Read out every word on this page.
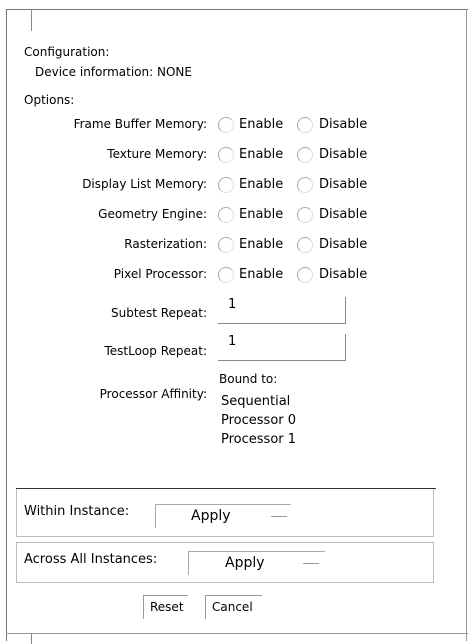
Configuration:
Device information: NONE
Options:
Frame Buffer Memory: Enable	Disable
Texture Memory: Enable	Disable
Display List Memory: Enable	Disable
Geometry Engine: Enable	Disable
Rasterization: Enable	Disable
Pixel Processor: Enable	Disable
Subtest Repeat:
1
TestLoop Repeat:
1
Processor Affinity:
Bound to:
Sequential
Processor 0
Processor 1
Within Instance:	Apply
Across All Instances:	Apply
Reset Cancel
